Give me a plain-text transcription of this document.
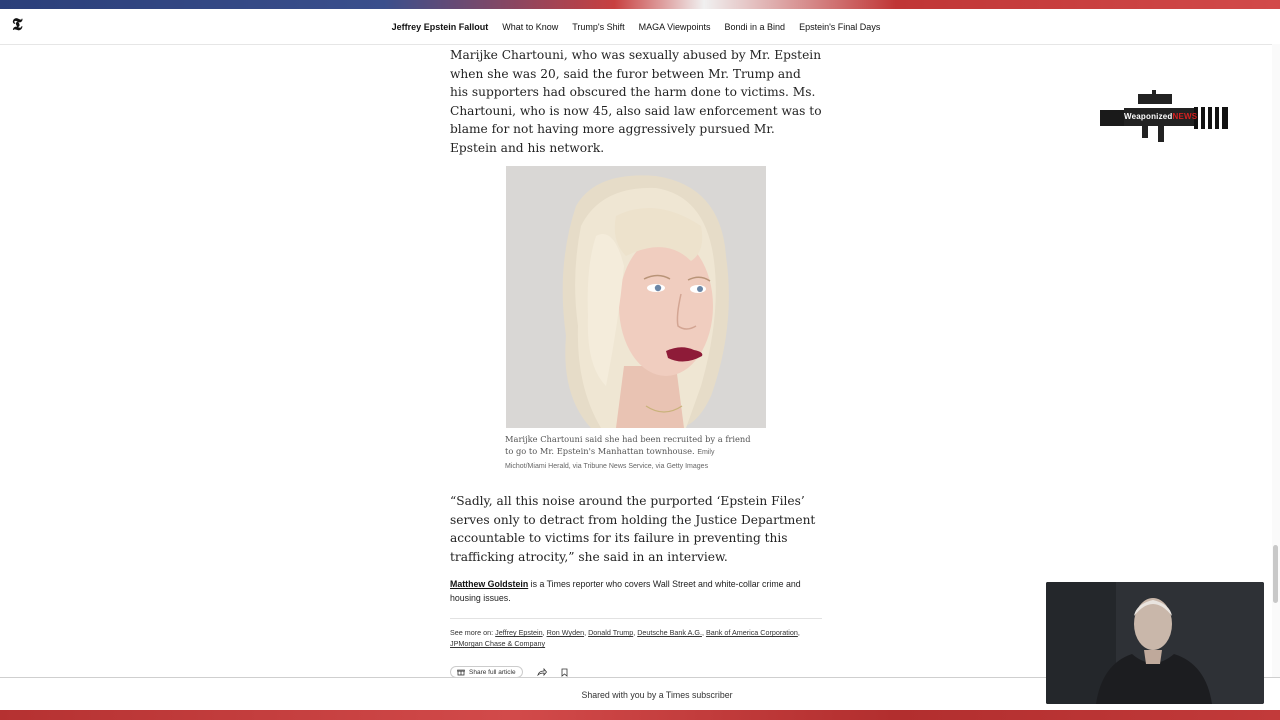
𝕿	Jeffrey Epstein Fallout What to Know Trump's Shift MAGA Viewpoints Bondi in a Bind Epstein's Final Days

Marijke Chartouni, who was sexually abused by Mr. Epstein when she was 20, said the furor between Mr. Trump and his supporters had obscured the harm done to victims. Ms. Chartouni, who is now 45, also said law enforcement was to blame for not having more aggressively pursued Mr. Epstein and his network.

Marijke Chartouni said she had been recruited by a friend to go to Mr. Epstein's Manhattan townhouse. Emily Michot/Miami Herald, via Tribune News Service, via Getty Images

“Sadly, all this noise around the purported ‘Epstein Files’ serves only to detract from holding the Justice Department accountable to victims for its failure in preventing this trafficking atrocity,” she said in an interview.

Matthew Goldstein is a Times reporter who covers Wall Street and white-collar crime and housing issues.
See more on: Jeffrey Epstein, Ron Wyden, Donald Trump, Deutsche Bank A.G., Bank of America Corporation,
JPMorgan Chase & Company
Share full article
Shared with you by a Times subscriber
WeaponizedNEWS
